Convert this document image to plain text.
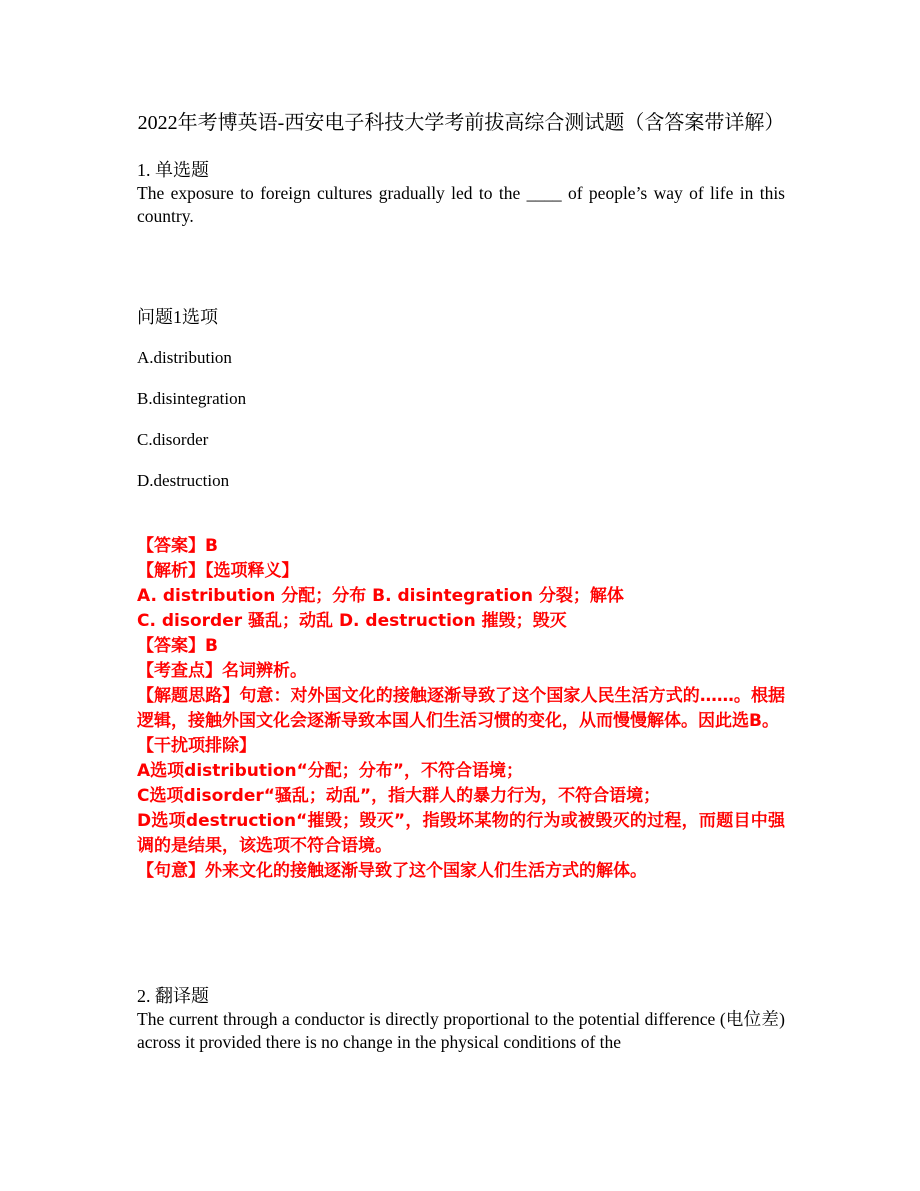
2022年考博英语-西安电子科技大学考前拔高综合测试题（含答案带详解）

1. 单选题

The exposure to foreign cultures gradually led to the ____ of people’s way of life in this country.

问题1选项

A.distribution

B.disintegration

C.disorder

D.destruction

【答案】B

【解析】【选项释义】

A. distribution 分配；分布 B. disintegration 分裂；解体

C. disorder 骚乱；动乱 D. destruction 摧毁；毁灭

【答案】B

【考查点】名词辨析。

【解题思路】句意：对外国文化的接触逐渐导致了这个国家人民生活方式的……。根据逻辑，接触外国文化会逐渐导致本国人们生活习惯的变化，从而慢慢解体。因此选B。

【干扰项排除】

A选项distribution“分配；分布”，不符合语境；

C选项disorder“骚乱；动乱”，指大群人的暴力行为，不符合语境；

D选项destruction“摧毁；毁灭”，指毁坏某物的行为或被毁灭的过程，而题目中强调的是结果，该选项不符合语境。

【句意】外来文化的接触逐渐导致了这个国家人们生活方式的解体。

2. 翻译题

The current through a conductor is directly proportional to the potential difference (电位差) across it provided there is no change in the physical conditions of the
